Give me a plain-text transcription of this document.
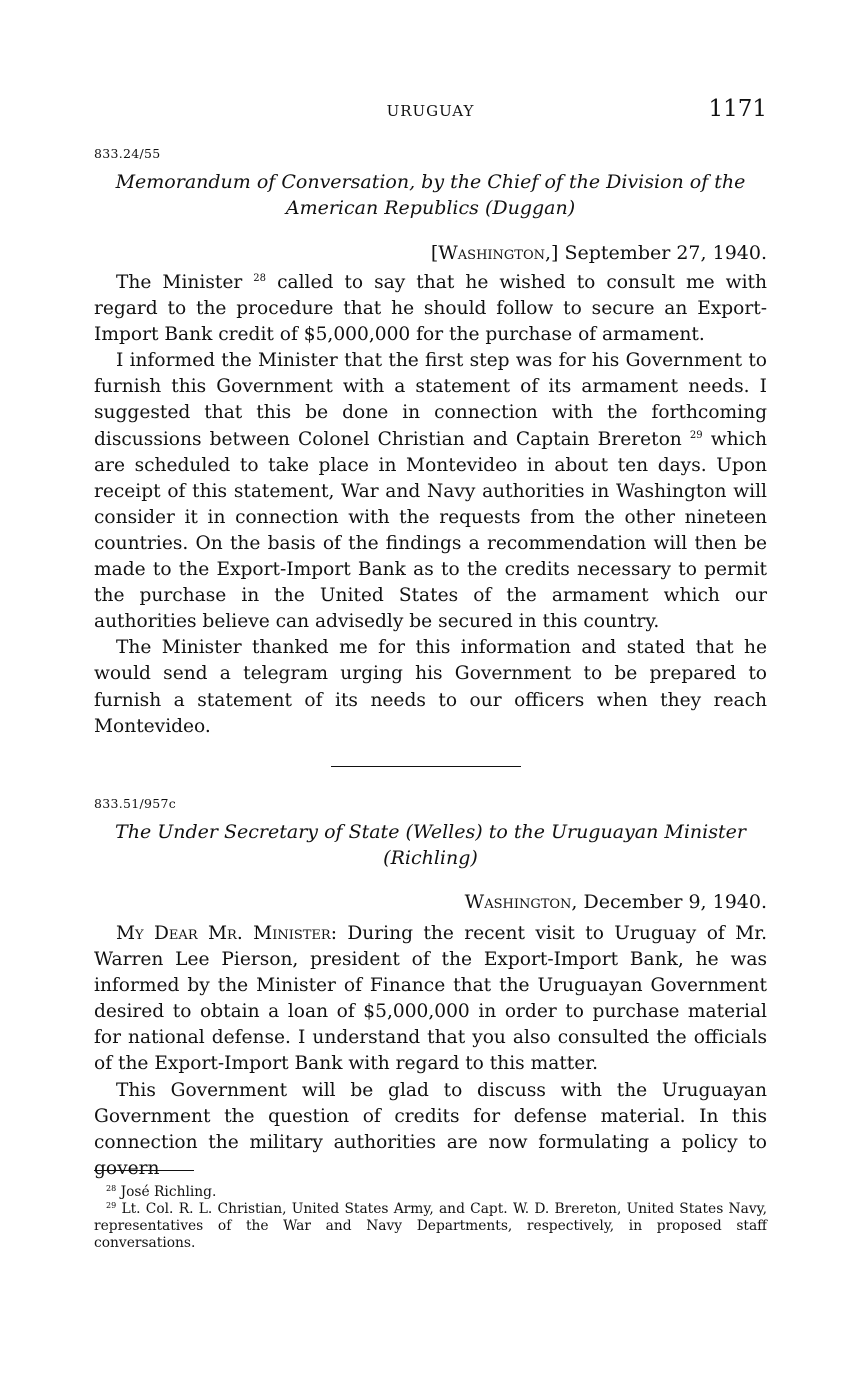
URUGUAY	1171
833.24/55
Memorandum of Conversation, by the Chief of the Division of the
American Republics (Duggan)
[Washington,] September 27, 1940.

The Minister $^{28}$ called to say that he wished to consult me with regard to the procedure that he should follow to secure an Export-Import Bank credit of $5,000,000 for the purchase of armament.

I informed the Minister that the first step was for his Government to furnish this Government with a statement of its armament needs. I suggested that this be done in connection with the forthcoming discussions between Colonel Christian and Captain Brereton $^{29}$ which are scheduled to take place in Montevideo in about ten days. Upon receipt of this statement, War and Navy authorities in Washington will consider it in connection with the requests from the other nineteen countries. On the basis of the findings a recommendation will then be made to the Export-Import Bank as to the credits necessary to permit the purchase in the United States of the armament which our authorities believe can advisedly be secured in this country.

The Minister thanked me for this information and stated that he would send a telegram urging his Government to be prepared to furnish a statement of its needs to our officers when they reach Montevideo.

833.51/957c
The Under Secretary of State (Welles) to the Uruguayan Minister
(Richling)
Washington, December 9, 1940.

My Dear Mr. Minister: During the recent visit to Uruguay of Mr. Warren Lee Pierson, president of the Export-Import Bank, he was informed by the Minister of Finance that the Uruguayan Government desired to obtain a loan of $5,000,000 in order to purchase material for national defense. I understand that you also consulted the officials of the Export-Import Bank with regard to this matter.

This Government will be glad to discuss with the Uruguayan Government the question of credits for defense material. In this connection the military authorities are now formulating a policy to govern

$^{28}$ José Richling.

$^{29}$ Lt. Col. R. L. Christian, United States Army, and Capt. W. D. Brereton, United States Navy, representatives of the War and Navy Departments, respectively, in proposed staff conversations.
